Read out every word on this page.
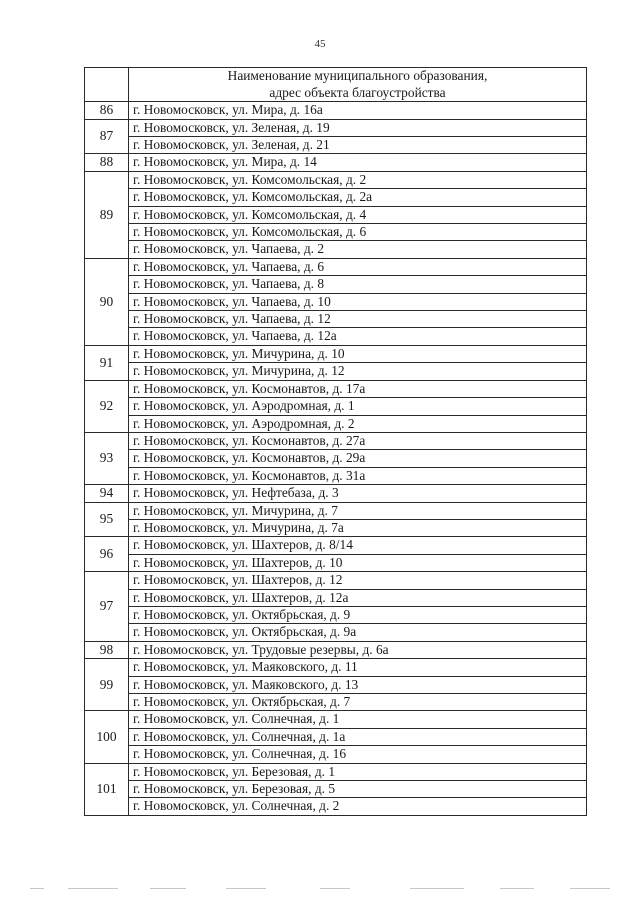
45

	Наименование муниципального образования,
адрес объекта благоустройства

86	г. Новомосковск, ул. Мира, д. 16а
87	г. Новомосковск, ул. Зеленая, д. 19
	г. Новомосковск, ул. Зеленая, д. 21
88	г. Новомосковск, ул. Мира, д. 14
89	г. Новомосковск, ул. Комсомольская, д. 2
	г. Новомосковск, ул. Комсомольская, д. 2а
	г. Новомосковск, ул. Комсомольская, д. 4
	г. Новомосковск, ул. Комсомольская, д. 6
	г. Новомосковск, ул. Чапаева, д. 2
90	г. Новомосковск, ул. Чапаева, д. 6
	г. Новомосковск, ул. Чапаева, д. 8
	г. Новомосковск, ул. Чапаева, д. 10
	г. Новомосковск, ул. Чапаева, д. 12
	г. Новомосковск, ул. Чапаева, д. 12а
91	г. Новомосковск, ул. Мичурина, д. 10
	г. Новомосковск, ул. Мичурина, д. 12
92	г. Новомосковск, ул. Космонавтов, д. 17а
	г. Новомосковск, ул. Аэродромная, д. 1
	г. Новомосковск, ул. Аэродромная, д. 2
93	г. Новомосковск, ул. Космонавтов, д. 27а
	г. Новомосковск, ул. Космонавтов, д. 29а
	г. Новомосковск, ул. Космонавтов, д. 31а
94	г. Новомосковск, ул. Нефтебаза, д. 3
95	г. Новомосковск, ул. Мичурина, д. 7
	г. Новомосковск, ул. Мичурина, д. 7а
96	г. Новомосковск, ул. Шахтеров, д. 8/14
	г. Новомосковск, ул. Шахтеров, д. 10
97	г. Новомосковск, ул. Шахтеров, д. 12
	г. Новомосковск, ул. Шахтеров, д. 12а
	г. Новомосковск, ул. Октябрьская, д. 9
	г. Новомосковск, ул. Октябрьская, д. 9а
98	г. Новомосковск, ул. Трудовые резервы, д. 6а
99	г. Новомосковск, ул. Маяковского, д. 11
	г. Новомосковск, ул. Маяковского, д. 13
	г. Новомосковск, ул. Октябрьская, д. 7
100	г. Новомосковск, ул. Солнечная, д. 1
	г. Новомосковск, ул. Солнечная, д. 1а
	г. Новомосковск, ул. Солнечная, д. 16
101	г. Новомосковск, ул. Березовая, д. 1
	г. Новомосковск, ул. Березовая, д. 5
	г. Новомосковск, ул. Солнечная, д. 2
